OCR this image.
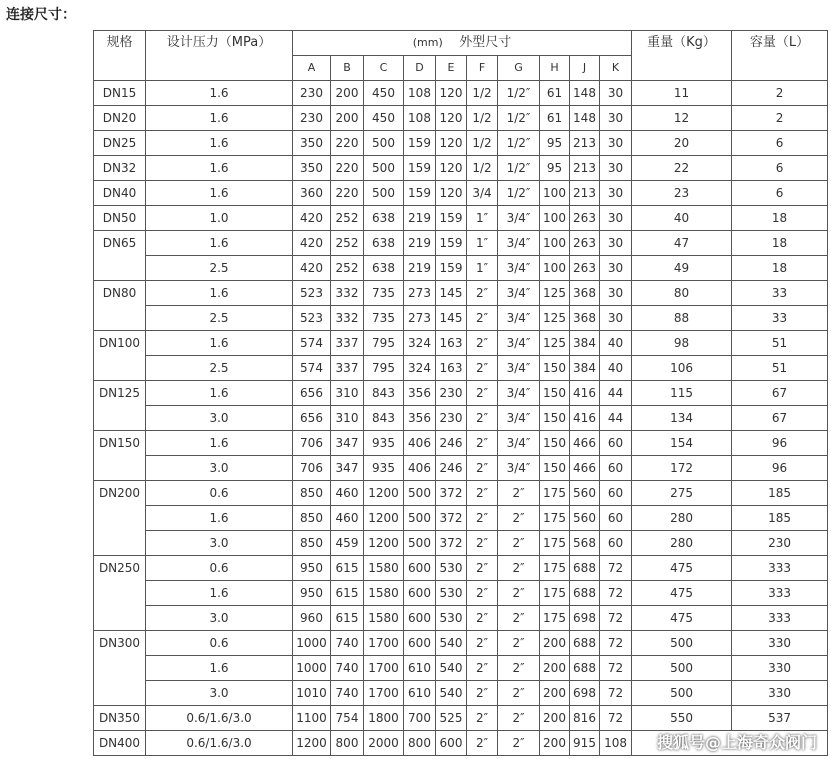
连接尺寸：
规格	设计压力（MPa）	(mm) 外型尺寸										重量（Kg）	容量（L）
		A	B	C	D	E	F	G	H	J	K		
DN15	1.6	230	200	450	108	120	1/2	1/2″	61	148	30	11	2
DN20	1.6	230	200	450	108	120	1/2	1/2″	61	148	30	12	2
DN25	1.6	350	220	500	159	120	1/2	1/2″	95	213	30	20	6
DN32	1.6	350	220	500	159	120	1/2	1/2″	95	213	30	22	6
DN40	1.6	360	220	500	159	120	3/4	1/2″	100	213	30	23	6
DN50	1.0	420	252	638	219	159	1″	3/4″	100	263	30	40	18
DN65	1.6	420	252	638	219	159	1″	3/4″	100	263	30	47	18
	2.5	420	252	638	219	159	1″	3/4″	100	263	30	49	18
DN80	1.6	523	332	735	273	145	2″	3/4″	125	368	30	80	33
	2.5	523	332	735	273	145	2″	3/4″	125	368	30	88	33
DN100	1.6	574	337	795	324	163	2″	3/4″	125	384	40	98	51
	2.5	574	337	795	324	163	2″	3/4″	150	384	40	106	51
DN125	1.6	656	310	843	356	230	2″	3/4″	150	416	44	115	67
	3.0	656	310	843	356	230	2″	3/4″	150	416	44	134	67
DN150	1.6	706	347	935	406	246	2″	3/4″	150	466	60	154	96
	3.0	706	347	935	406	246	2″	3/4″	150	466	60	172	96
DN200	0.6	850	460	1200	500	372	2″	2″	175	560	60	275	185
	1.6	850	460	1200	500	372	2″	2″	175	560	60	280	185
	3.0	850	459	1200	500	372	2″	2″	175	568	60	280	230
DN250	0.6	950	615	1580	600	530	2″	2″	175	688	72	475	333
	1.6	950	615	1580	600	530	2″	2″	175	688	72	475	333
	3.0	960	615	1580	600	530	2″	2″	175	698	72	475	333
DN300	0.6	1000	740	1700	600	540	2″	2″	200	688	72	500	330
	1.6	1000	740	1700	610	540	2″	2″	200	688	72	500	330
	3.0	1010	740	1700	610	540	2″	2″	200	698	72	500	330
DN350	0.6/1.6/3.0	1100	754	1800	700	525	2″	2″	200	816	72	550	537
DN400	0.6/1.6/3.0	1200	800	2000	800	600	2″	2″	200	915	108		搜狐号@上海奇众阀门
